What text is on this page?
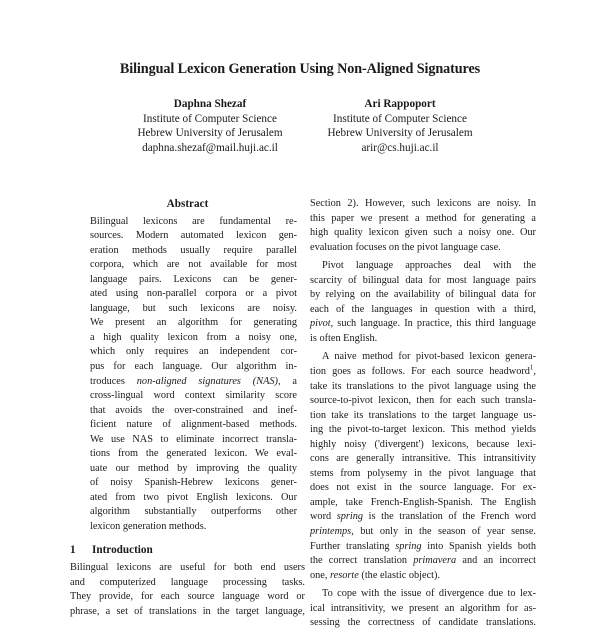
Bilingual Lexicon Generation Using Non-Aligned Signatures
Daphna Shezaf
Institute of Computer Science
Hebrew University of Jerusalem
daphna.shezaf@mail.huji.ac.il
Ari Rappoport
Institute of Computer Science
Hebrew University of Jerusalem
arir@cs.huji.ac.il
Abstract
Bilingual lexicons are fundamental re-
sources. Modern automated lexicon gen-
eration methods usually require parallel
corpora, which are not available for most
language pairs. Lexicons can be gener-
ated using non-parallel corpora or a pivot
language, but such lexicons are noisy.
We present an algorithm for generating
a high quality lexicon from a noisy one,
which only requires an independent cor-
pus for each language. Our algorithm in-
troduces non-aligned signatures (NAS), a
cross-lingual word context similarity score
that avoids the over-constrained and inef-
ficient nature of alignment-based methods.
We use NAS to eliminate incorrect transla-
tions from the generated lexicon. We eval-
uate our method by improving the quality
of noisy Spanish-Hebrew lexicons gener-
ated from two pivot English lexicons. Our
algorithm substantially outperforms other
lexicon generation methods.
1 Introduction
Bilingual lexicons are useful for both end users
and computerized language processing tasks.
They provide, for each source language word or
phrase, a set of translations in the target language,
Section 2). However, such lexicons are noisy. In
this paper we present a method for generating a
high quality lexicon given such a noisy one. Our
evaluation focuses on the pivot language case.
Pivot language approaches deal with the
scarcity of bilingual data for most language pairs
by relying on the availability of bilingual data for
each of the languages in question with a third,
pivot, such language. In practice, this third language
is often English.
A naive method for pivot-based lexicon genera-
tion goes as follows. For each source headword$^1$,
take its translations to the pivot language using the
source-to-pivot lexicon, then for each such transla-
tion take its translations to the target language us-
ing the pivot-to-target lexicon. This method yields
highly noisy ('divergent') lexicons, because lexi-
cons are generally intransitive. This intransitivity
stems from polysemy in the pivot language that
does not exist in the source language. For ex-
ample, take French-English-Spanish. The English
word spring is the translation of the French word
printemps, but only in the season of year sense.
Further translating spring into Spanish yields both
the correct translation primavera and an incorrect
one, resorte (the elastic object).
To cope with the issue of divergence due to lex-
ical intransitivity, we present an algorithm for as-
sessing the correctness of candidate translations.
